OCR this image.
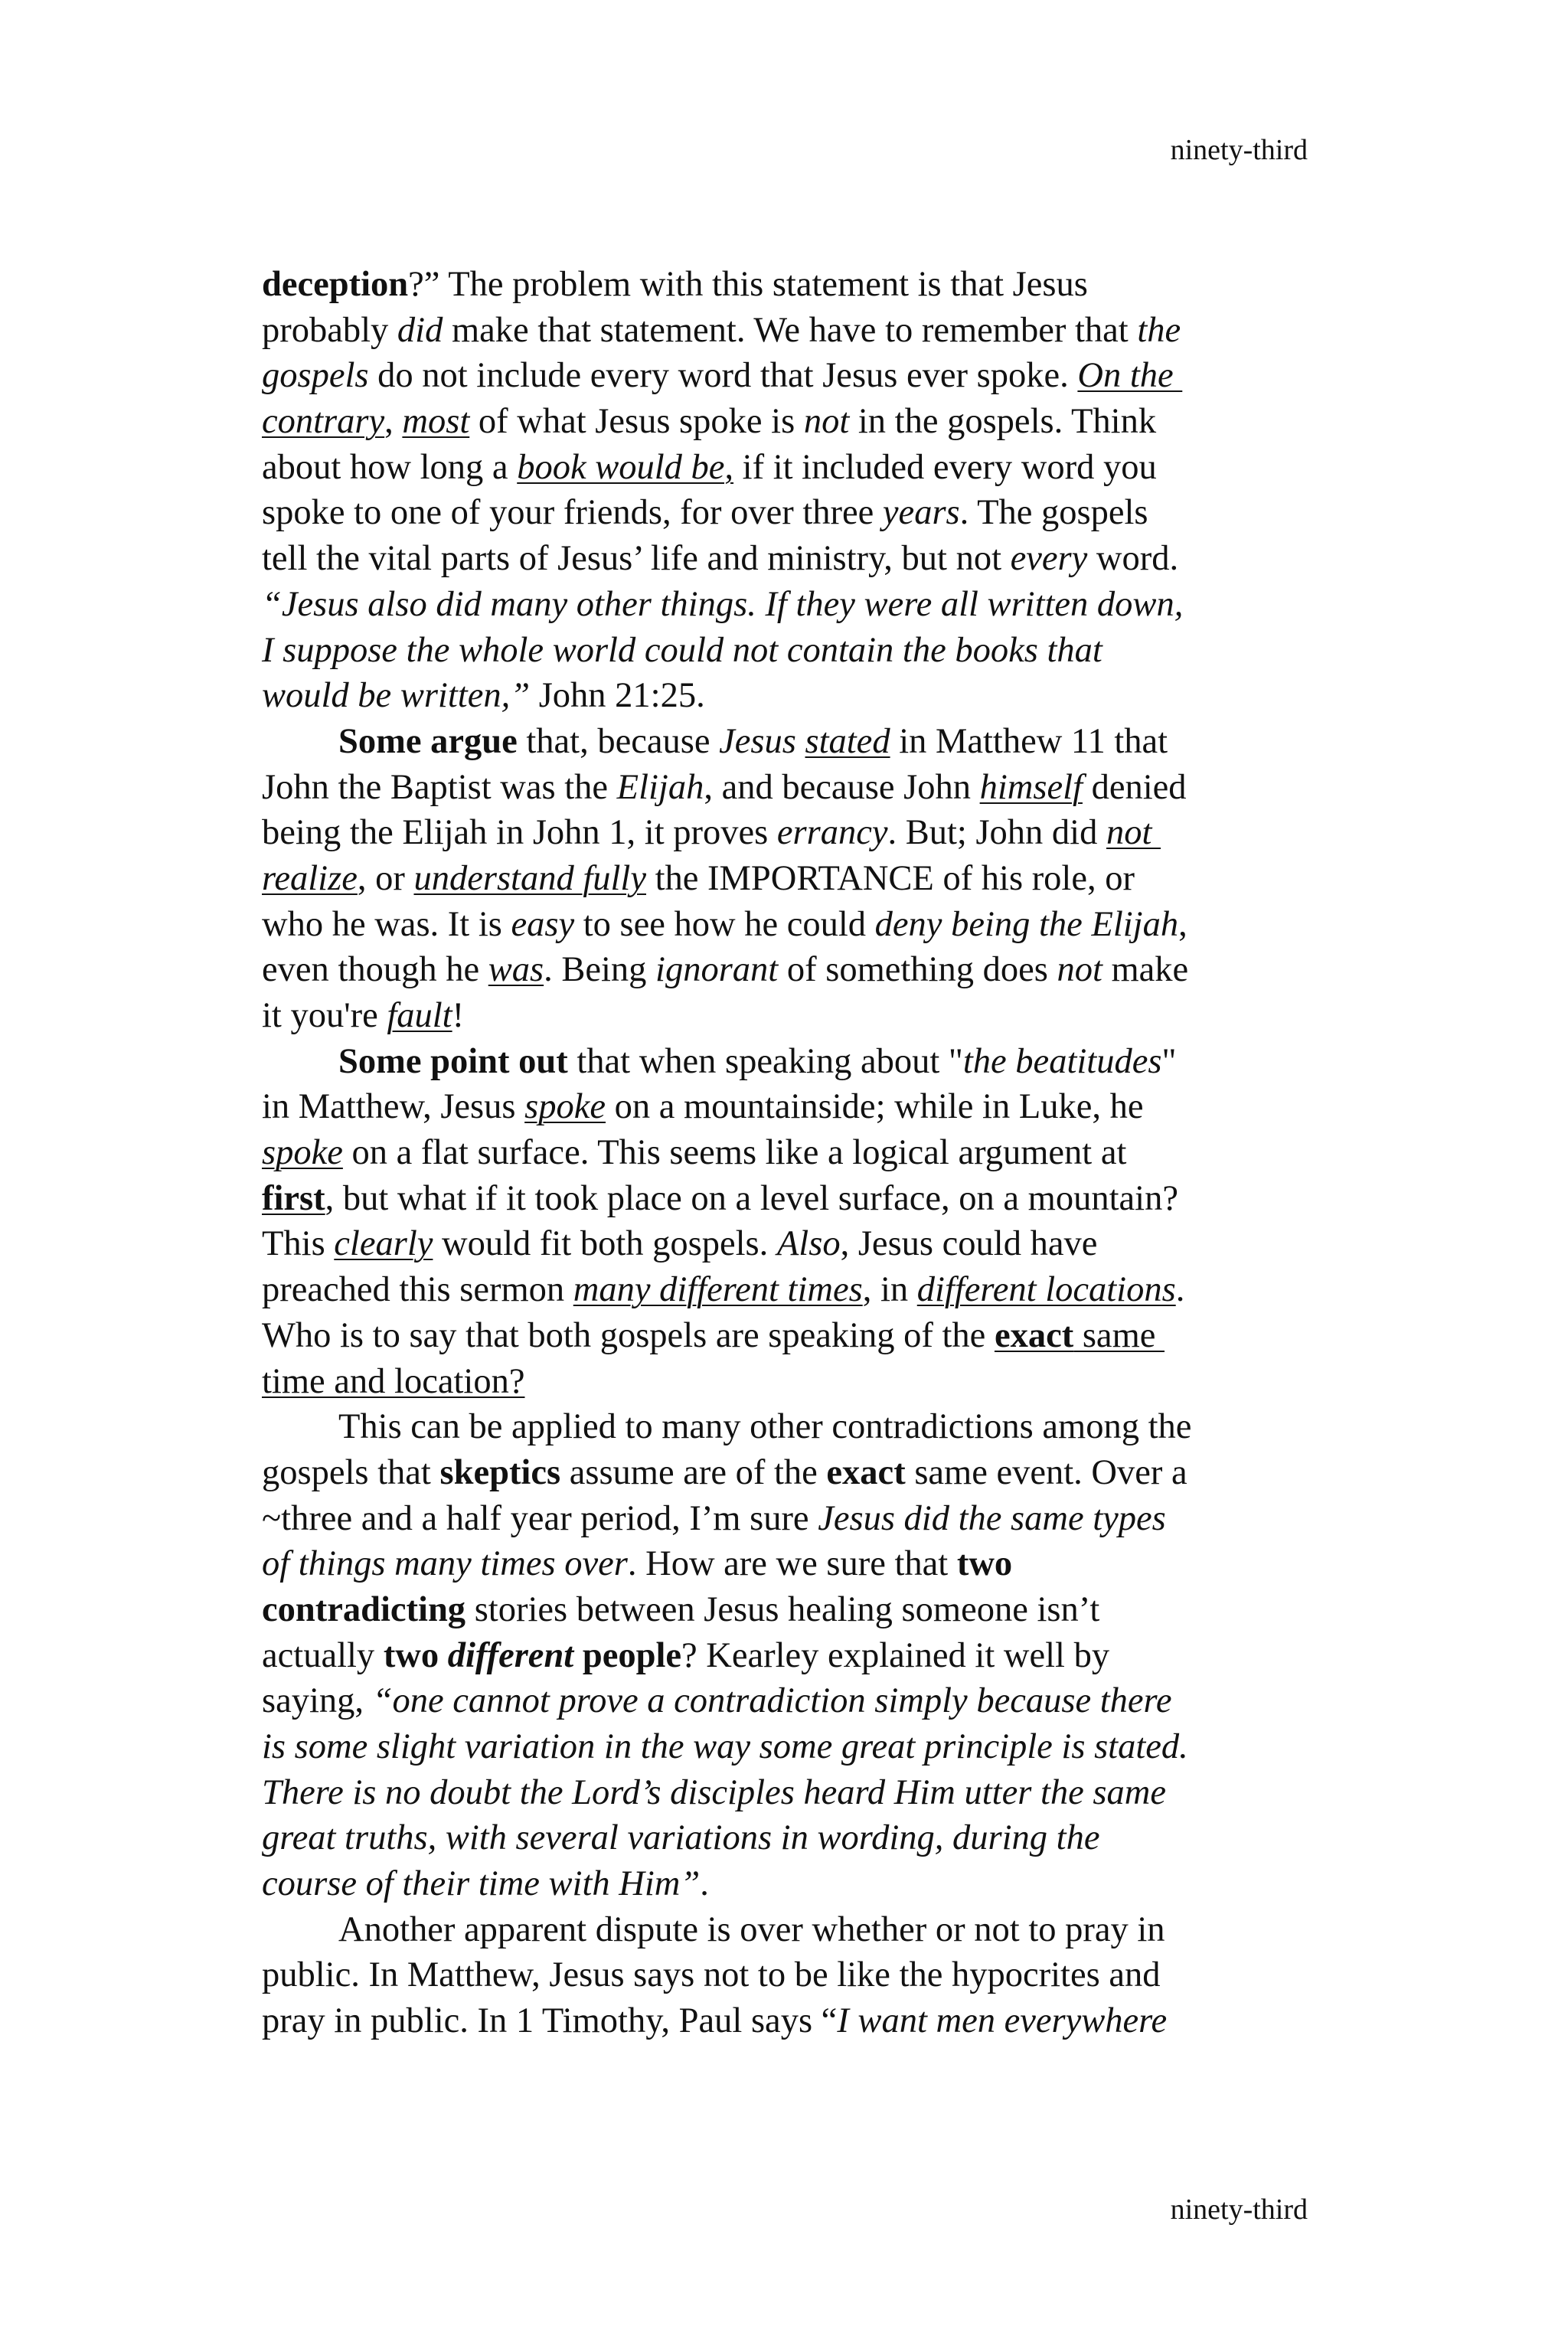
ninety-third
deception?” The problem with this statement is that Jesus
probably did make that statement. We have to remember that the
gospels do not include every word that Jesus ever spoke. On the
contrary, most of what Jesus spoke is not in the gospels. Think
about how long a book would be, if it included every word you
spoke to one of your friends, for over three years. The gospels
tell the vital parts of Jesus’ life and ministry, but not every word.
“Jesus also did many other things. If they were all written down,
I suppose the whole world could not contain the books that
would be written,” John 21:25.
Some argue that, because Jesus stated in Matthew 11 that
John the Baptist was the Elijah, and because John himself denied
being the Elijah in John 1, it proves errancy. But; John did not
realize, or understand fully the IMPORTANCE of his role, or
who he was. It is easy to see how he could deny being the Elijah,
even though he was. Being ignorant of something does not make
it you're fault!
Some point out that when speaking about "the beatitudes"
in Matthew, Jesus spoke on a mountainside; while in Luke, he
spoke on a flat surface. This seems like a logical argument at
first, but what if it took place on a level surface, on a mountain?
This clearly would fit both gospels. Also, Jesus could have
preached this sermon many different times, in different locations.
Who is to say that both gospels are speaking of the exact same
time and location?
This can be applied to many other contradictions among the
gospels that skeptics assume are of the exact same event. Over a
~three and a half year period, I’m sure Jesus did the same types
of things many times over. How are we sure that two
contradicting stories between Jesus healing someone isn’t
actually two different people? Kearley explained it well by
saying, “one cannot prove a contradiction simply because there
is some slight variation in the way some great principle is stated.
There is no doubt the Lord’s disciples heard Him utter the same
great truths, with several variations in wording, during the
course of their time with Him”.
Another apparent dispute is over whether or not to pray in
public. In Matthew, Jesus says not to be like the hypocrites and
pray in public. In 1 Timothy, Paul says “I want men everywhere
ninety-third
